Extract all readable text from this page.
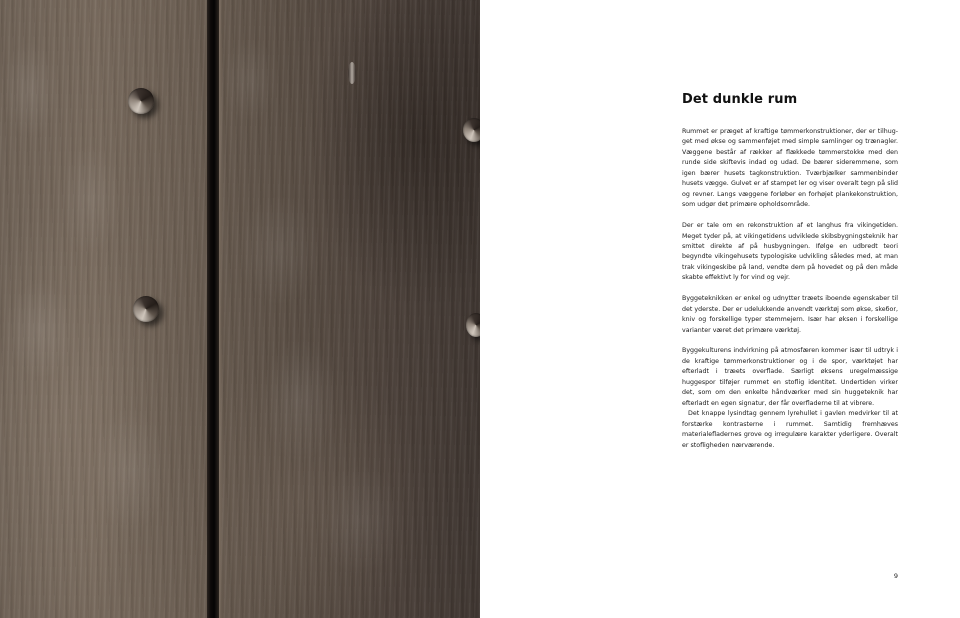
Det dunkle rum

Rummet er præget af kraftige tømmerkonstruktioner, der er tilhugget med økse og sammenføjet med simple samlinger og trænagler. Væggene består af rækker af flækkede tømmerstokke med den runde side skiftevis indad og udad. De bærer sideremmene, som igen bærer husets tagkonstruktion. Tværbjælker sammenbinder husets vægge. Gulvet er af stampet ler og viser overalt tegn på slid og revner. Langs væggene forløber en forhøjet plankekonstruktion, som udgør det primære opholdsområde.

Der er tale om en rekonstruktion af et langhus fra vikingetiden. Meget tyder på, at vikingetidens udviklede skibsbygningsteknik har smittet direkte af på husbygningen. Ifølge en udbredt teori begyndte vikingehusets typologiske udvikling således med, at man trak vikingeskibe på land, vendte dem på hovedet og på den måde skabte effektivt ly for vind og vejr.

Byggeteknikken er enkel og udnytter træets iboende egenskaber til det yderste. Der er udelukkende anvendt værktøj som økse, skeбor, kniv og forskellige typer stemmejern. Især har øksen i forskellige varianter været det primære værktøj.

Byggekulturens indvirkning på atmosfæren kommer især til udtryk i de kraftige tømmerkonstruktioner og i de spor, værktøjet har efterladt i træets overflade. Særligt øksens uregelmæssige huggespor tilføjer rummet en stoflig identitet. Undertiden virker det, som om den enkelte håndværker med sin huggeteknik har efterladt en egen signatur, der får overfladerne til at vibrere.

Det knappe lysindtag gennem lyrehullet i gavlen medvirker til at forstærke kontrasterne i rummet. Samtidig fremhæves materialefladernes grove og irregulære karakter yderligere. Overalt er stofligheden nærværende.

9
